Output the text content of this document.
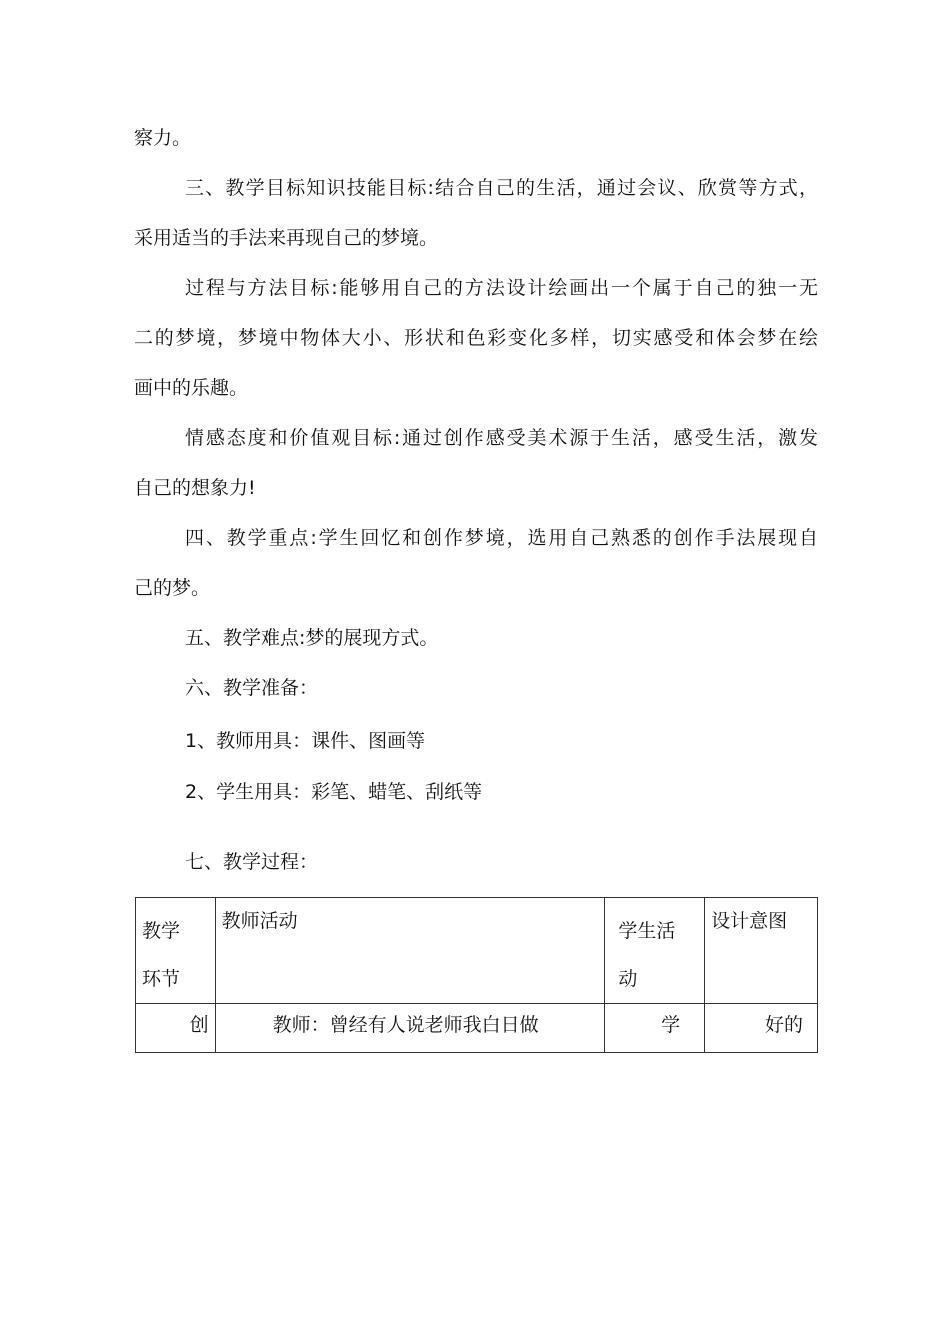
察力。
三、教学目标知识技能目标:结合自己的生活，通过会议、欣赏等方式，
采用适当的手法来再现自己的梦境。
过程与方法目标:能够用自己的方法设计绘画出一个属于自己的独一无
二的梦境，梦境中物体大小、形状和色彩变化多样，切实感受和体会梦在绘
画中的乐趣。
情感态度和价值观目标:通过创作感受美术源于生活，感受生活，激发
自己的想象力!
四、教学重点:学生回忆和创作梦境，选用自己熟悉的创作手法展现自
己的梦。
五、教学难点:梦的展现方式。
六、教学准备：
1、教师用具：课件、图画等
2、学生用具：彩笔、蜡笔、刮纸等
七、教学过程：
教学环节	教师活动	学生活动	设计意图

创	教师：曾经有人说老师我白日做	学	好的
